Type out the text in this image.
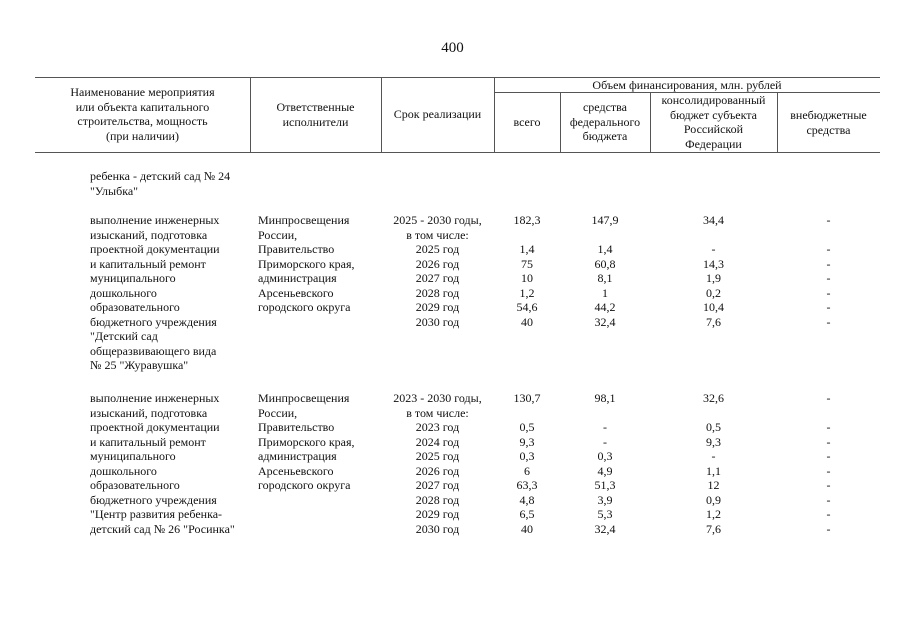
400
Наименование мероприятия
или объекта капитального
строительства, мощность
(при наличии)
Ответственные
исполнители
Срок реализации
Объем финансирования, млн. рублей
всего
средства
федерального
бюджета
консолидированный
бюджет субъекта
Российской
Федерации
внебюджетные
средства
ребенка - детский сад № 24
"Улыбка"
выполнение инженерных
изысканий, подготовка
проектной документации
и капитальный ремонт
муниципального
дошкольного
образовательного
бюджетного учреждения
"Детский сад
общеразвивающего вида
№ 25 "Журавушка"
Минпросвещения
России,
Правительство
Приморского края,
администрация
Арсеньевского
городского округа
2025 - 2030 годы,
в том числе:
2025 год
2026 год
2027 год
2028 год
2029 год
2030 год
182,3
1,4
75
10
1,2
54,6
40
147,9
1,4
60,8
8,1
1
44,2
32,4
34,4
-
14,3
1,9
0,2
10,4
7,6
-
-
-
-
-
-
-
выполнение инженерных
изысканий, подготовка
проектной документации
и капитальный ремонт
муниципального
дошкольного
образовательного
бюджетного учреждения
"Центр развития ребенка-
детский сад № 26 "Росинка"
Минпросвещения
России,
Правительство
Приморского края,
администрация
Арсеньевского
городского округа
2023 - 2030 годы,
в том числе:
2023 год
2024 год
2025 год
2026 год
2027 год
2028 год
2029 год
2030 год
130,7
0,5
9,3
0,3
6
63,3
4,8
6,5
40
98,1
-
-
0,3
4,9
51,3
3,9
5,3
32,4
32,6
0,5
9,3
-
1,1
12
0,9
1,2
7,6
-
-
-
-
-
-
-
-
-
